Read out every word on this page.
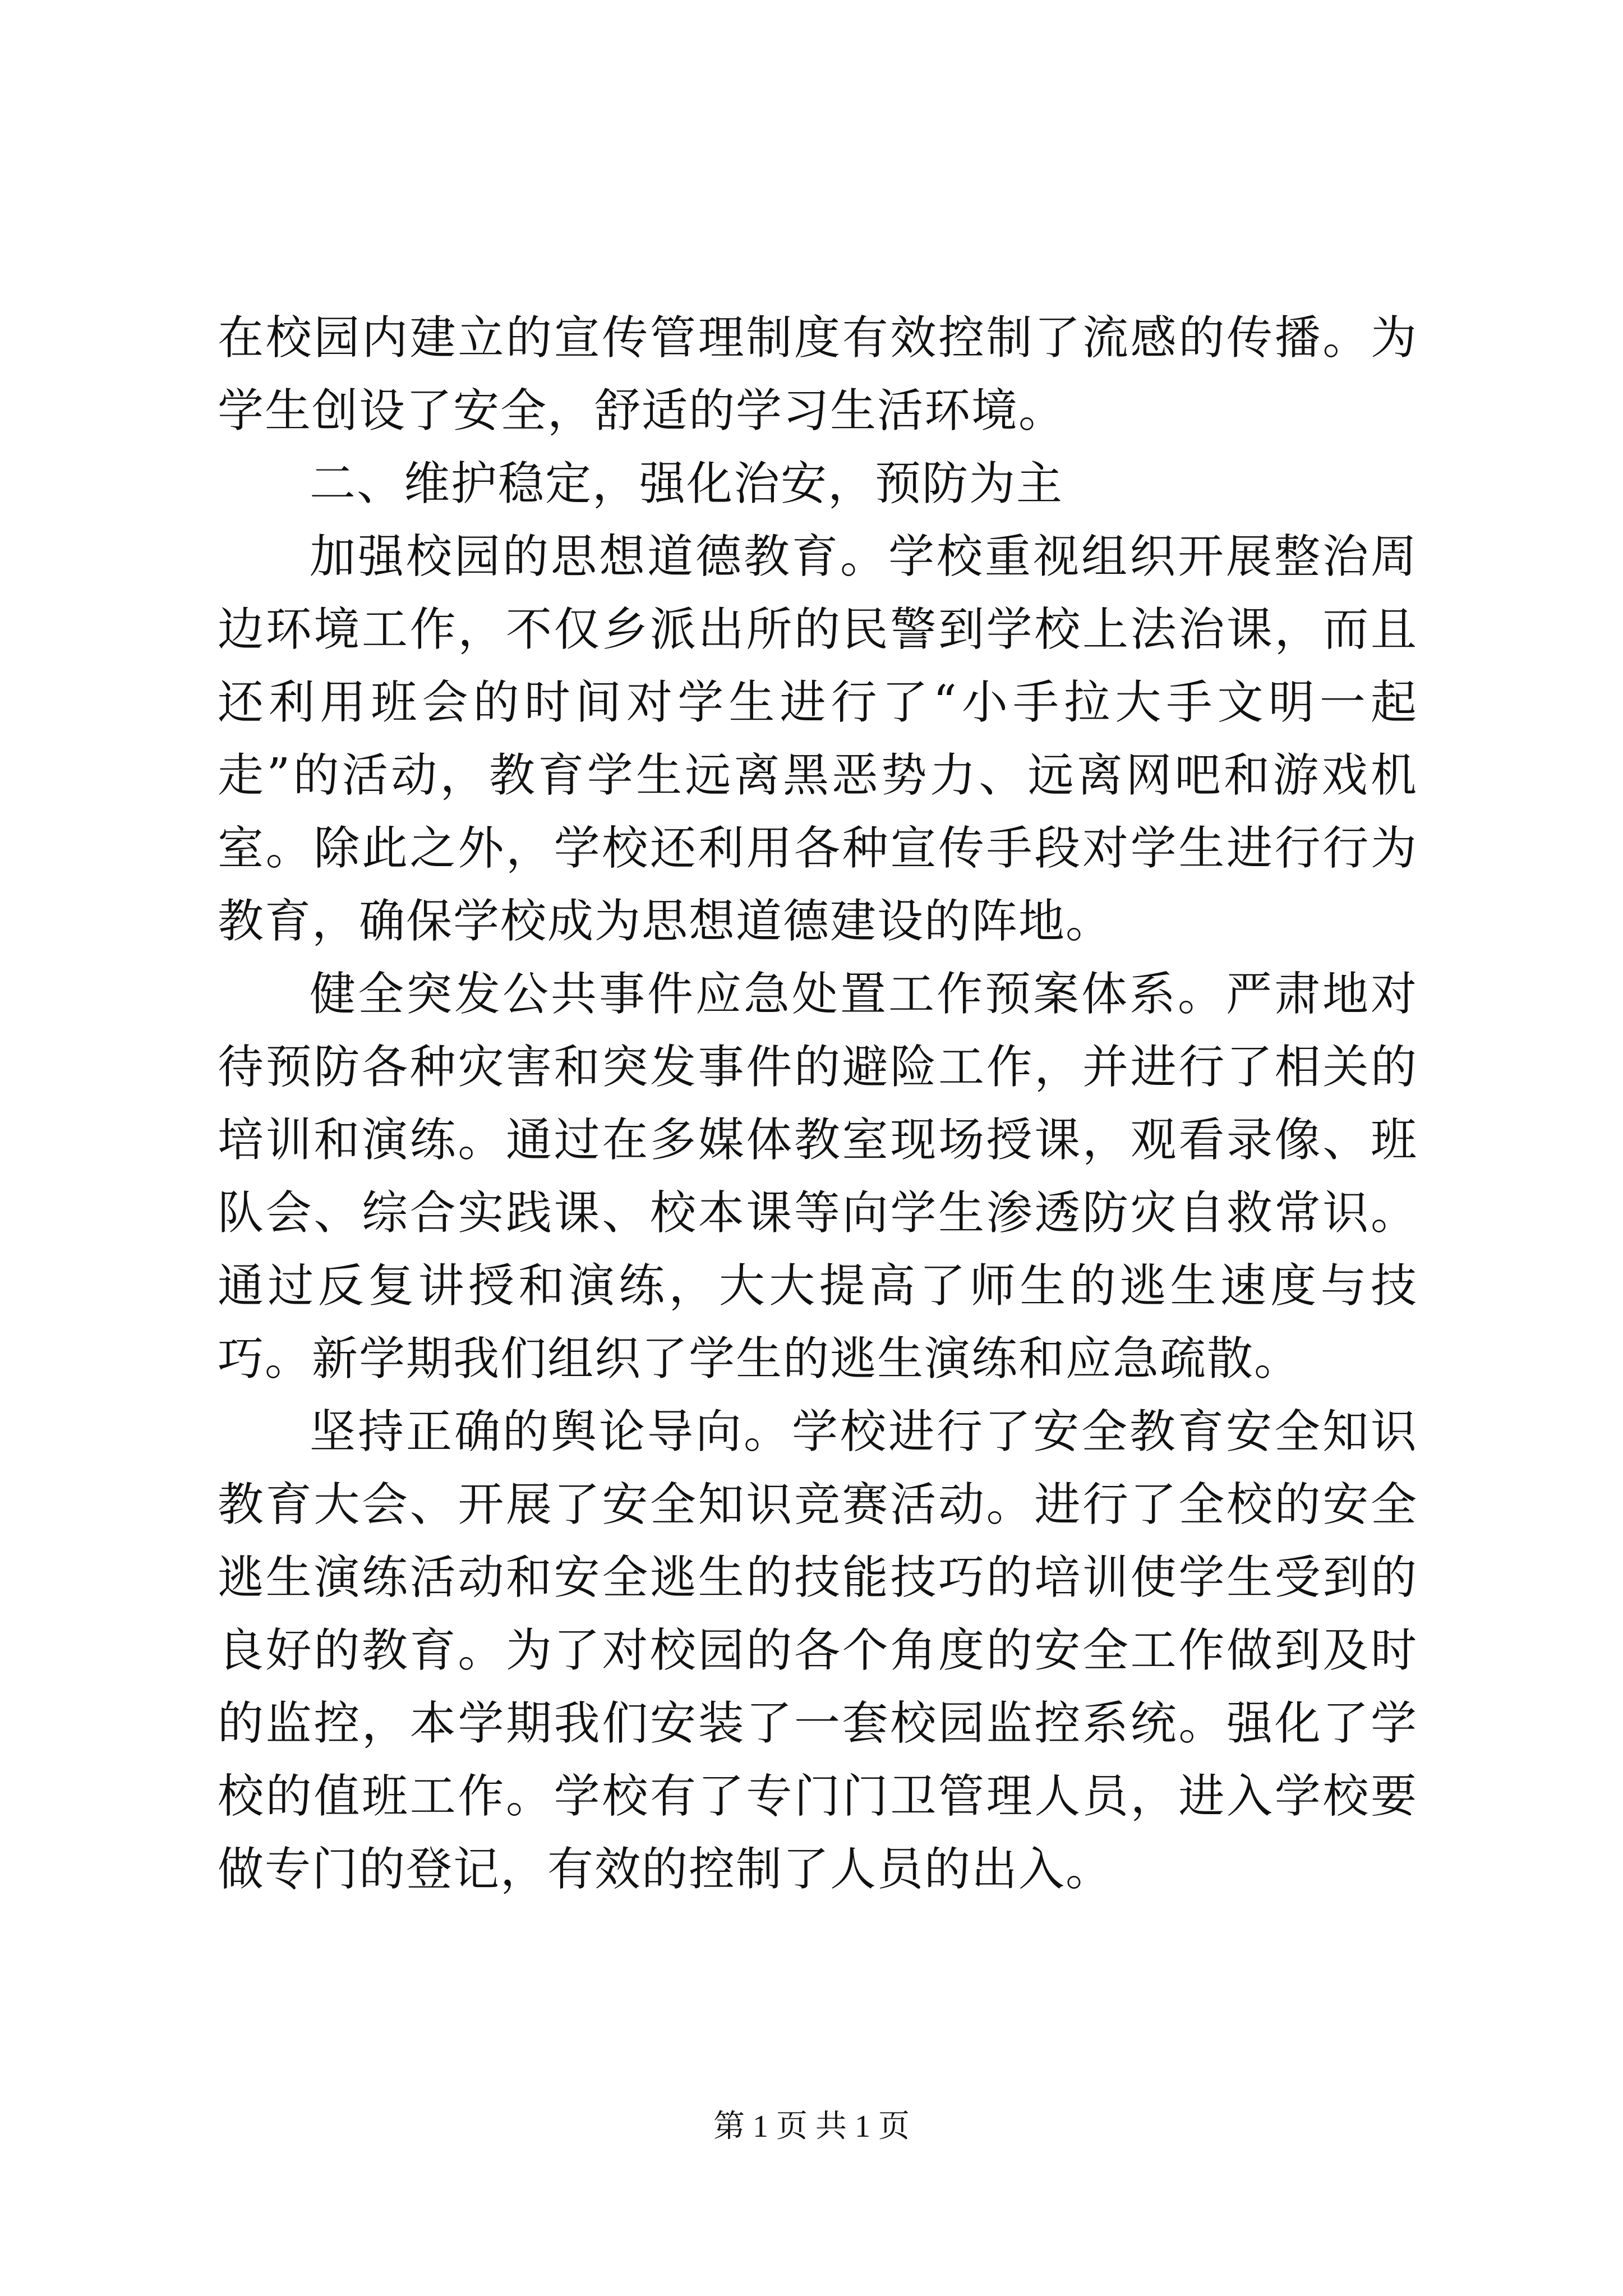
在校园内建立的宣传管理制度有效控制了流感的传播。为学生创设了安全，舒适的学习生活环境。

二、维护稳定，强化治安，预防为主

加强校园的思想道德教育。学校重视组织开展整治周边环境工作，不仅乡派出所的民警到学校上法治课，而且还利用班会的时间对学生进行了“小手拉大手文明一起走”的活动，教育学生远离黑恶势力、远离网吧和游戏机室。除此之外，学校还利用各种宣传手段对学生进行行为教育，确保学校成为思想道德建设的阵地。

健全突发公共事件应急处置工作预案体系。严肃地对待预防各种灾害和突发事件的避险工作，并进行了相关的培训和演练。通过在多媒体教室现场授课，观看录像、班队会、综合实践课、校本课等向学生渗透防灾自救常识。通过反复讲授和演练，大大提高了师生的逃生速度与技巧。新学期我们组织了学生的逃生演练和应急疏散。

坚持正确的舆论导向。学校进行了安全教育安全知识教育大会、开展了安全知识竞赛活动。进行了全校的安全逃生演练活动和安全逃生的技能技巧的培训使学生受到的良好的教育。为了对校园的各个角度的安全工作做到及时的监控，本学期我们安装了一套校园监控系统。强化了学校的值班工作。学校有了专门门卫管理人员，进入学校要做专门的登记，有效的控制了人员的出入。

第 1 页 共 1 页
